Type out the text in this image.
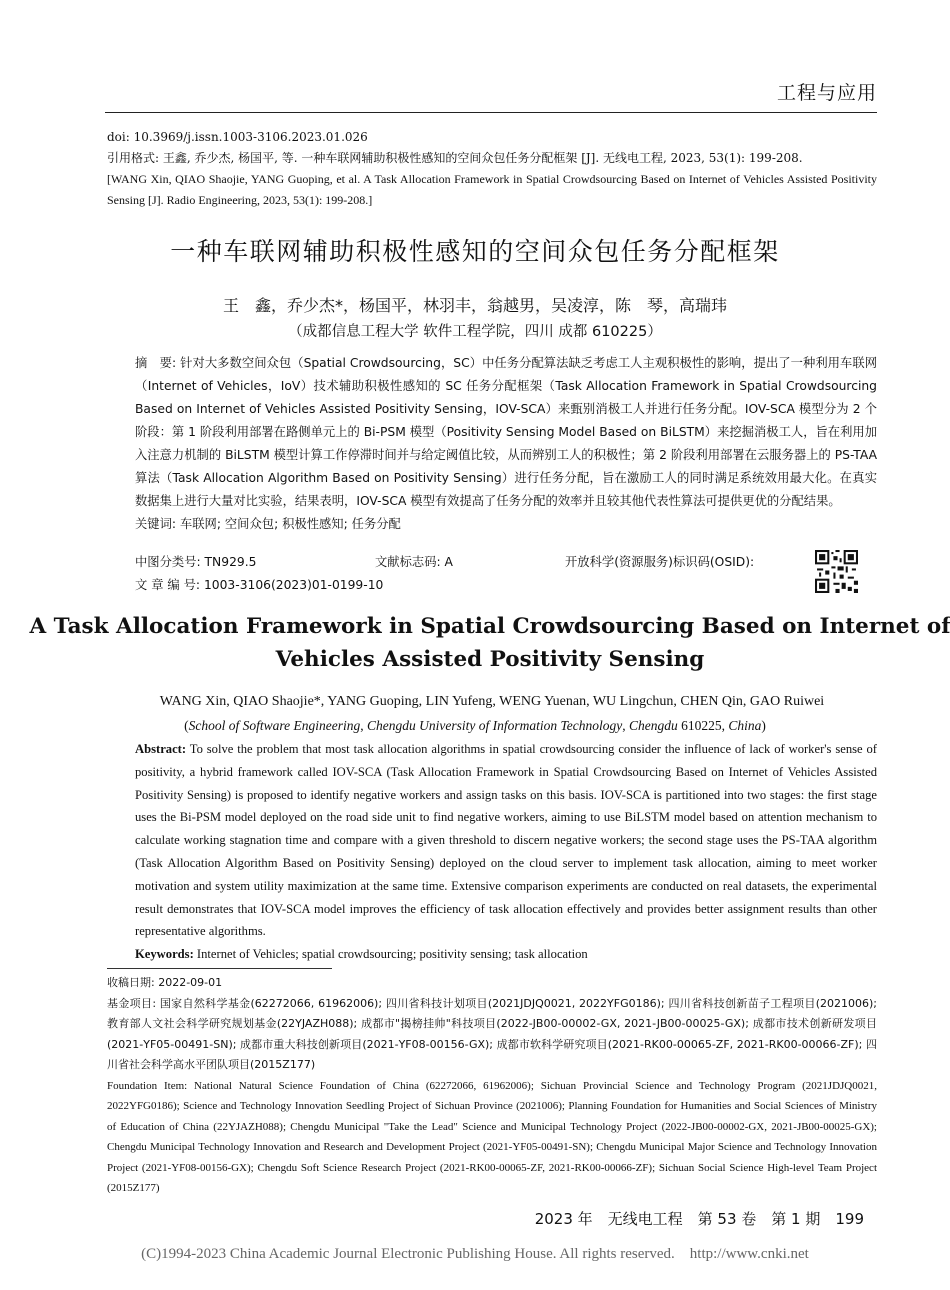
工程与应用

doi: 10.3969/j.issn.1003-3106.2023.01.026

引用格式: 王鑫, 乔少杰, 杨国平, 等. 一种车联网辅助积极性感知的空间众包任务分配框架 [J]. 无线电工程, 2023, 53(1): 199-208.

[WANG Xin, QIAO Shaojie, YANG Guoping, et al. A Task Allocation Framework in Spatial Crowdsourcing Based on Internet of Vehicles Assisted Positivity Sensing [J]. Radio Engineering, 2023, 53(1): 199-208.]

一种车联网辅助积极性感知的空间众包任务分配框架
王　鑫，乔少杰*，杨国平，林羽丰，翁越男，吴凌淳，陈　琴，高瑞玮
（成都信息工程大学 软件工程学院，四川 成都 610225）

摘　要: 针对大多数空间众包（Spatial Crowdsourcing，SC）中任务分配算法缺乏考虑工人主观积极性的影响，提出了一种利用车联网（Internet of Vehicles，IoV）技术辅助积极性感知的 SC 任务分配框架（Task Allocation Framework in Spatial Crowdsourcing Based on Internet of Vehicles Assisted Positivity Sensing，IOV-SCA）来甄别消极工人并进行任务分配。IOV-SCA 模型分为 2 个阶段：第 1 阶段利用部署在路侧单元上的 Bi-PSM 模型（Positivity Sensing Model Based on BiLSTM）来挖掘消极工人，旨在利用加入注意力机制的 BiLSTM 模型计算工作停滞时间并与给定阈值比较，从而辨别工人的积极性；第 2 阶段利用部署在云服务器上的 PS-TAA 算法（Task Allocation Algorithm Based on Positivity Sensing）进行任务分配，旨在激励工人的同时满足系统效用最大化。在真实数据集上进行大量对比实验，结果表明，IOV-SCA 模型有效提高了任务分配的效率并且较其他代表性算法可提供更优的分配结果。

关键词: 车联网; 空间众包; 积极性感知; 任务分配

中图分类号: TN929.5	文献标志码: A	开放科学(资源服务)标识码(OSID):
文 章 编 号: 1003-3106(2023)01-0199-10
A Task Allocation Framework in Spatial Crowdsourcing Based on Internet of Vehicles Assisted Positivity Sensing
WANG Xin, QIAO Shaojie*, YANG Guoping, LIN Yufeng, WENG Yuenan, WU Lingchun, CHEN Qin, GAO Ruiwei
(School of Software Engineering, Chengdu University of Information Technology, Chengdu 610225, China)

Abstract: To solve the problem that most task allocation algorithms in spatial crowdsourcing consider the influence of lack of worker's sense of positivity, a hybrid framework called IOV-SCA (Task Allocation Framework in Spatial Crowdsourcing Based on Internet of Vehicles Assisted Positivity Sensing) is proposed to identify negative workers and assign tasks on this basis. IOV-SCA is partitioned into two stages: the first stage uses the Bi-PSM model deployed on the road side unit to find negative workers, aiming to use BiLSTM model based on attention mechanism to calculate working stagnation time and compare with a given threshold to discern negative workers; the second stage uses the PS-TAA algorithm (Task Allocation Algorithm Based on Positivity Sensing) deployed on the cloud server to implement task allocation, aiming to meet worker motivation and system utility maximization at the same time. Extensive comparison experiments are conducted on real datasets, the experimental result demonstrates that IOV-SCA model improves the efficiency of task allocation effectively and provides better assignment results than other representative algorithms.

Keywords: Internet of Vehicles; spatial crowdsourcing; positivity sensing; task allocation

收稿日期: 2022-09-01

基金项目: 国家自然科学基金(62272066, 61962006); 四川省科技计划项目(2021JDJQ0021, 2022YFG0186); 四川省科技创新苗子工程项目(2021006); 教育部人文社会科学研究规划基金(22YJAZH088); 成都市"揭榜挂帅"科技项目(2022-JB00-00002-GX, 2021-JB00-00025-GX); 成都市技术创新研发项目(2021-YF05-00491-SN); 成都市重大科技创新项目(2021-YF08-00156-GX); 成都市软科学研究项目(2021-RK00-00065-ZF, 2021-RK00-00066-ZF); 四川省社会科学高水平团队项目(2015Z177)

Foundation Item: National Natural Science Foundation of China (62272066, 61962006); Sichuan Provincial Science and Technology Program (2021JDJQ0021, 2022YFG0186); Science and Technology Innovation Seedling Project of Sichuan Province (2021006); Planning Foundation for Humanities and Social Sciences of Ministry of Education of China (22YJAZH088); Chengdu Municipal "Take the Lead" Science and Municipal Technology Project (2022-JB00-00002-GX, 2021-JB00-00025-GX); Chengdu Municipal Technology Innovation and Research and Development Project (2021-YF05-00491-SN); Chengdu Municipal Major Science and Technology Innovation Project (2021-YF08-00156-GX); Chengdu Soft Science Research Project (2021-RK00-00065-ZF, 2021-RK00-00066-ZF); Sichuan Social Science High-level Team Project (2015Z177)

2023 年　无线电工程　第 53 卷　第 1 期　199
(C)1994-2023 China Academic Journal Electronic Publishing House. All rights reserved.　http://www.cnki.net
